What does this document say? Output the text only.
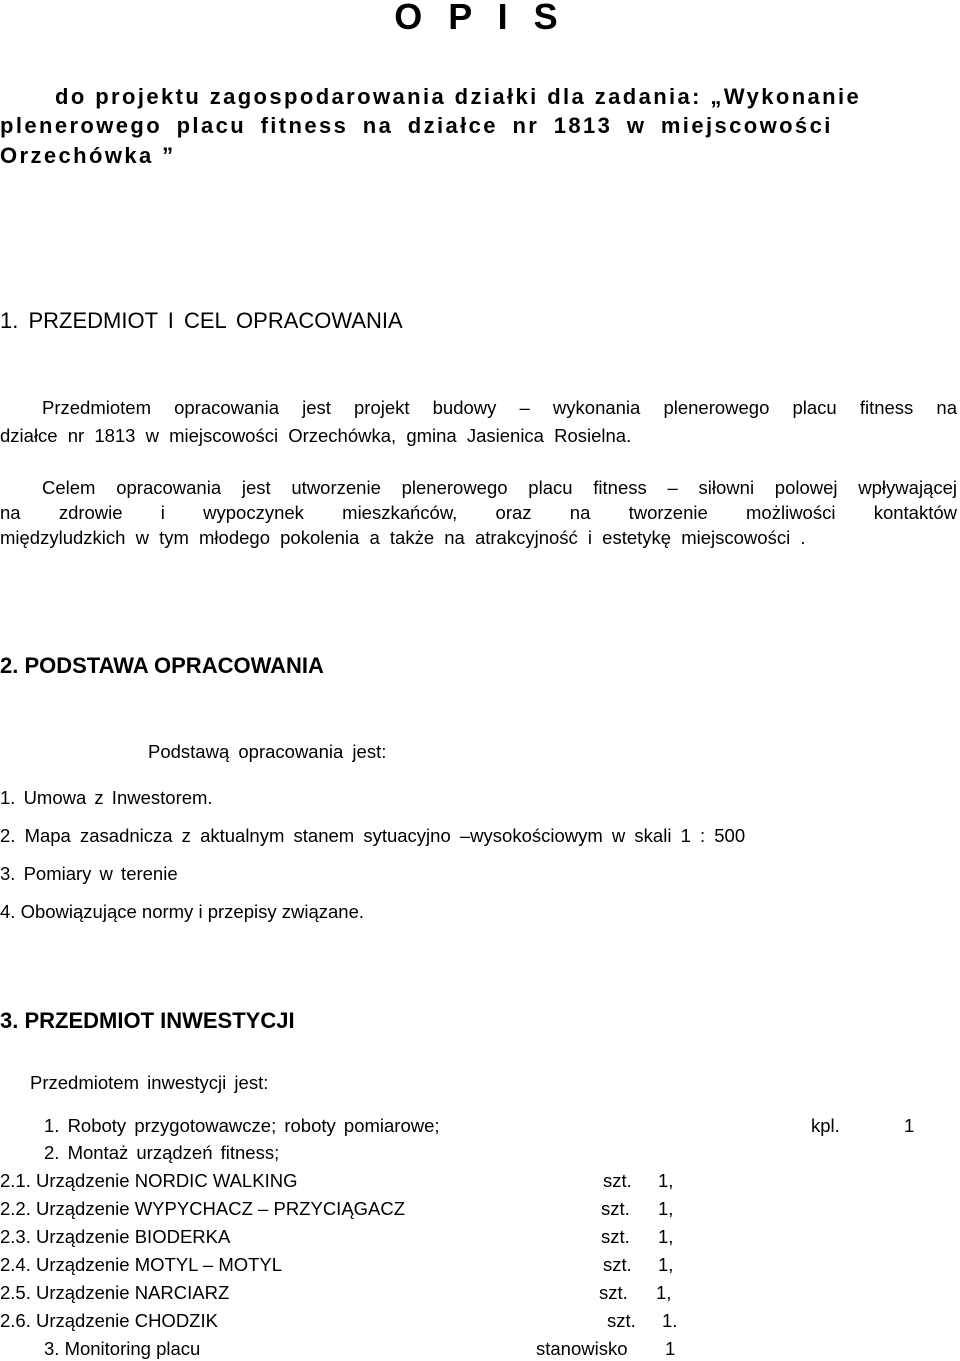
O P I S
do projektu zagospodarowania działki dla zadania: „Wykonanie
plenerowego placu fitness na działce nr 1813 w miejscowości
Orzechówka ”
1. PRZEDMIOT I CEL OPRACOWANIA
Przedmiotem opracowania jest projekt budowy – wykonania plenerowego placu fitness na
działce nr 1813 w miejscowości Orzechówka, gmina Jasienica Rosielna.
Celem opracowania jest utworzenie plenerowego placu fitness – siłowni polowej wpływającej
na zdrowie i wypoczynek mieszkańców, oraz na tworzenie możliwości kontaktów
międzyludzkich w tym młodego pokolenia a także na atrakcyjność i estetykę miejscowości .
2. PODSTAWA OPRACOWANIA
Podstawą opracowania jest:
1. Umowa z Inwestorem.
2. Mapa zasadnicza z aktualnym stanem sytuacyjno –wysokościowym w skali 1 : 500
3. Pomiary w terenie
4. Obowiązujące normy i przepisy związane.
3. PRZEDMIOT INWESTYCJI
Przedmiotem inwestycji jest:
1. Roboty przygotowawcze; roboty pomiarowe;	kpl.	1
2. Montaż urządzeń fitness;
2.1. Urządzenie NORDIC WALKING	szt. 1,
2.2. Urządzenie WYPYCHACZ – PRZYCIĄGACZ	szt. 1,
2.3. Urządzenie BIODERKA	szt. 1,
2.4. Urządzenie MOTYL – MOTYL	szt. 1,
2.5. Urządzenie NARCIARZ	szt. 1,
2.6. Urządzenie CHODZIK	szt. 1.
3. Monitoring placu	stanowisko 1
